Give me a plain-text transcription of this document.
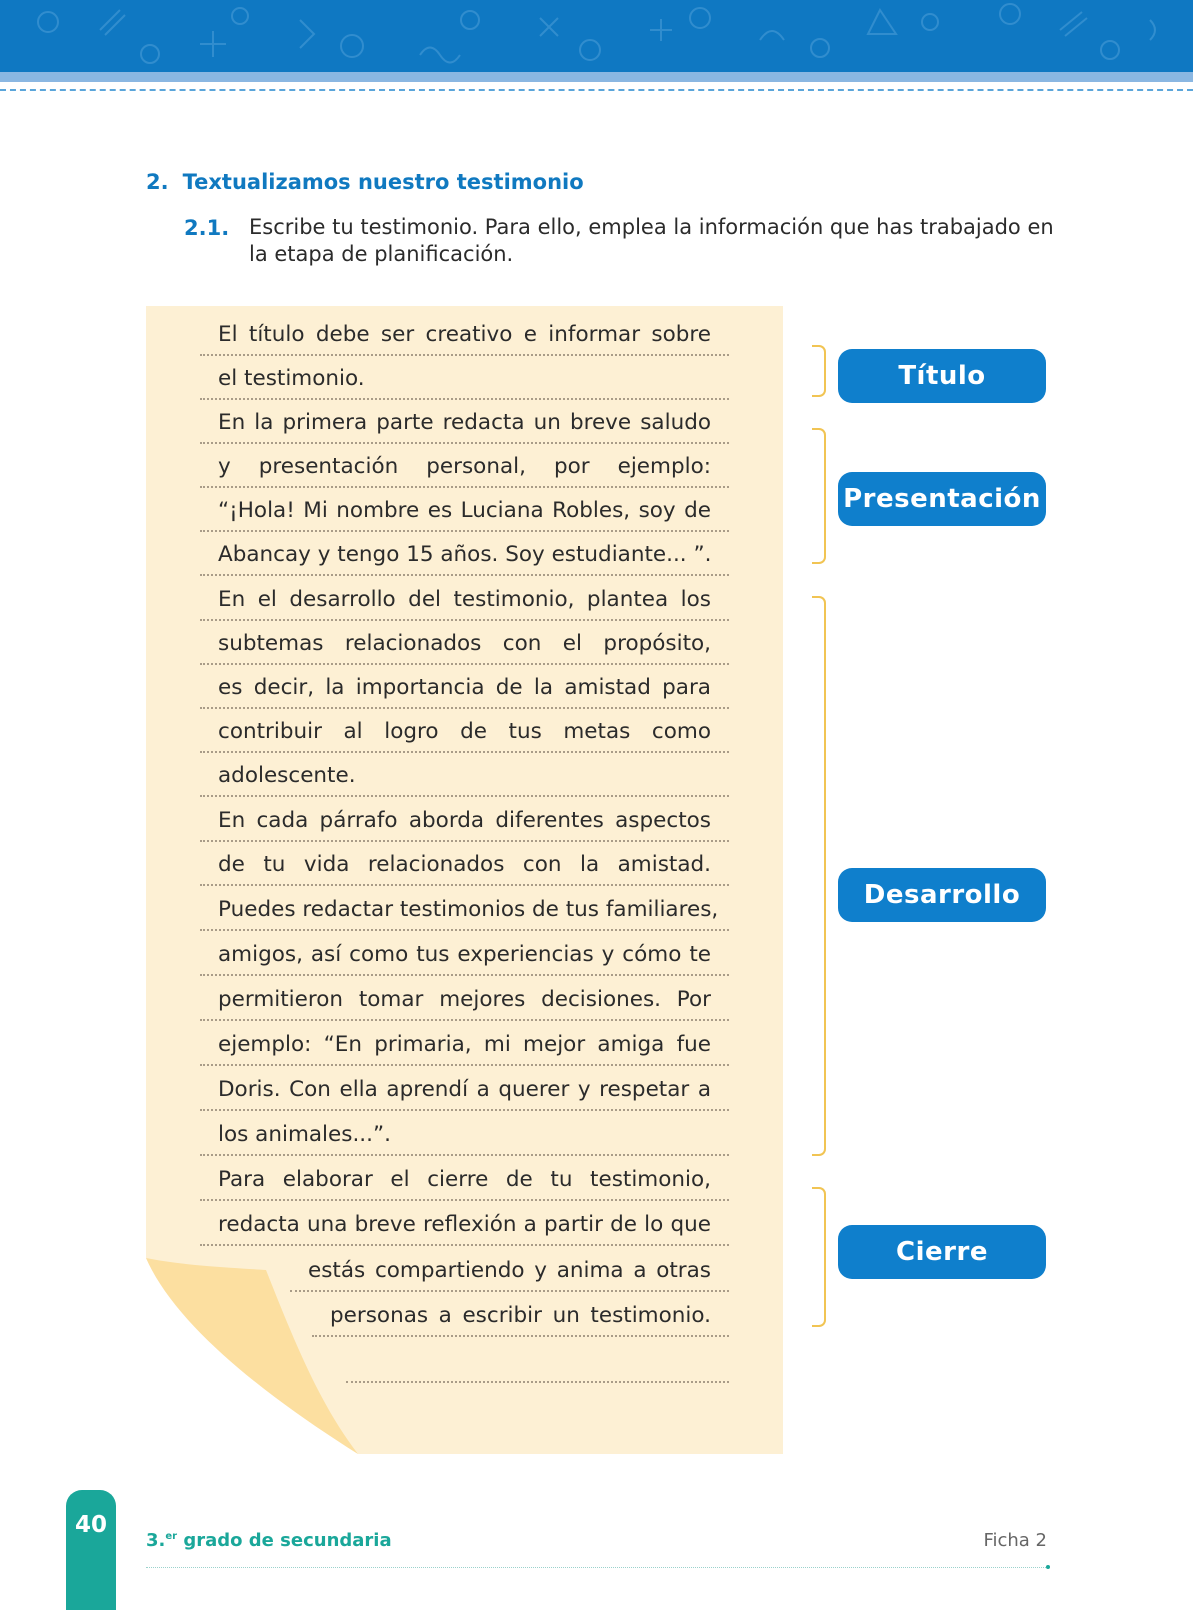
2. Textualizamos nuestro testimonio
2.1. Escribe tu testimonio. Para ello, emplea la información que has trabajado en la etapa de planificación.
El título debe ser creativo e informar sobre
el testimonio.
En la primera parte redacta un breve saludo
y presentación personal, por ejemplo:
“¡Hola! Mi nombre es Luciana Robles, soy de
Abancay y tengo 15 años. Soy estudiante... ”.
En el desarrollo del testimonio, plantea los
subtemas relacionados con el propósito,
es decir, la importancia de la amistad para
contribuir al logro de tus metas como
adolescente.
En cada párrafo aborda diferentes aspectos
de tu vida relacionados con la amistad.
Puedes redactar testimonios de tus familiares,
amigos, así como tus experiencias y cómo te
permitieron tomar mejores decisiones. Por
ejemplo: “En primaria, mi mejor amiga fue
Doris. Con ella aprendí a querer y respetar a
los animales...”.
Para elaborar el cierre de tu testimonio,
redacta una breve reflexión a partir de lo que
estás compartiendo y anima a otras
personas a escribir un testimonio.
Título
Presentación
Desarrollo
Cierre
40
3.$^{er}$ grado de secundaria	Ficha 2
